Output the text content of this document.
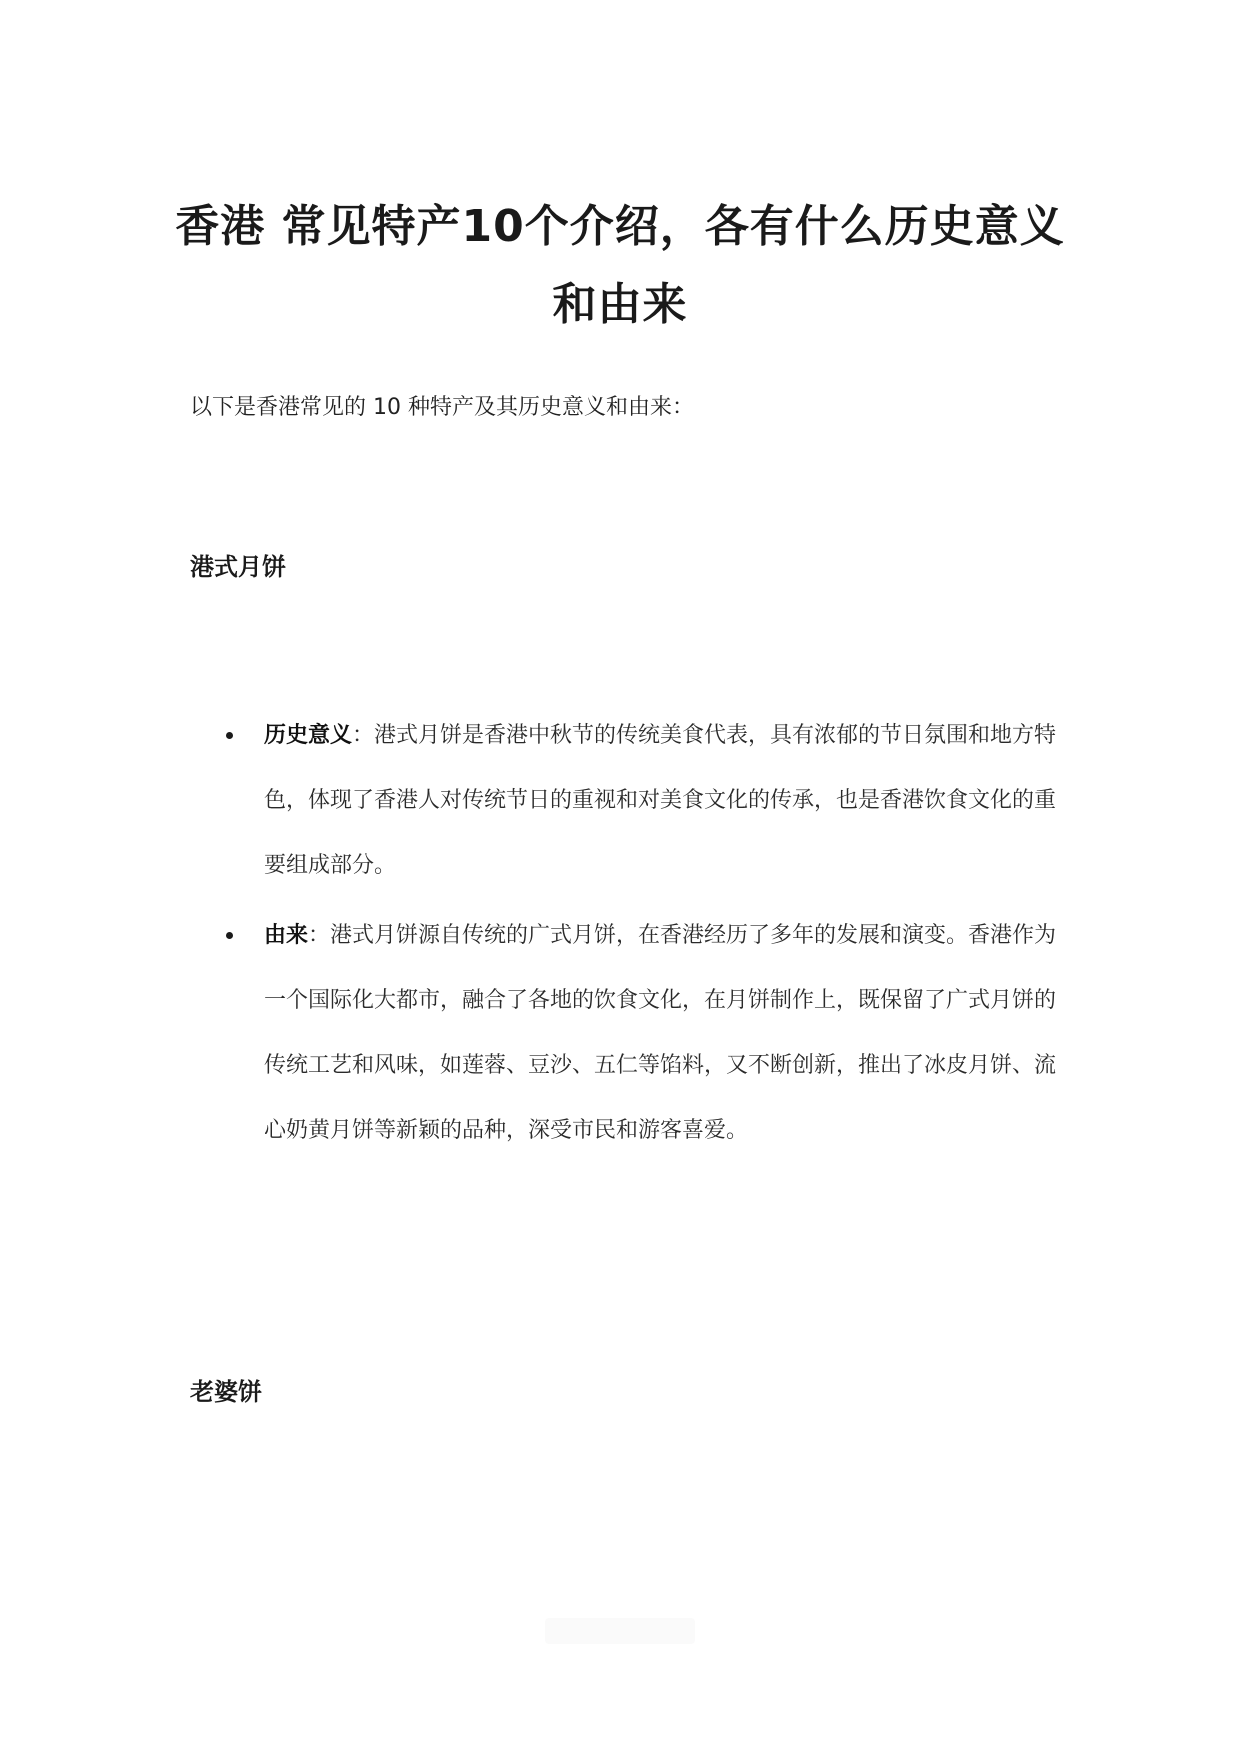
香港 常见特产10个介绍，各有什么历史意义和由来

以下是香港常见的 10 种特产及其历史意义和由来：

港式月饼
历史意义：港式月饼是香港中秋节的传统美食代表，具有浓郁的节日氛围和地方特色，体现了香港人对传统节日的重视和对美食文化的传承，也是香港饮食文化的重要组成部分。
由来：港式月饼源自传统的广式月饼，在香港经历了多年的发展和演变。香港作为一个国际化大都市，融合了各地的饮食文化，在月饼制作上，既保留了广式月饼的传统工艺和风味，如莲蓉、豆沙、五仁等馅料，又不断创新，推出了冰皮月饼、流心奶黄月饼等新颖的品种，深受市民和游客喜爱。
老婆饼
